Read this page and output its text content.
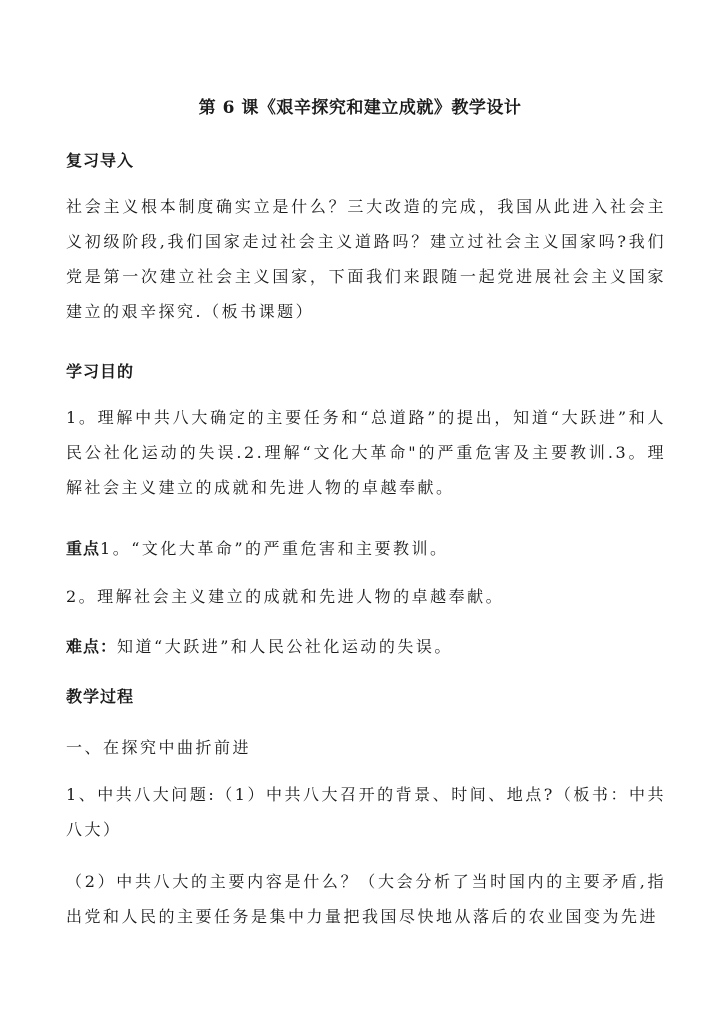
第 6 课《艰辛探究和建立成就》教学设计
复习导入
社会主义根本制度确实立是什么？三大改造的完成，我国从此进入社会主义初级阶段,我们国家走过社会主义道路吗？建立过社会主义国家吗?我们党是第一次建立社会主义国家，下面我们来跟随一起党进展社会主义国家建立的艰辛探究.（板书课题）
学习目的
1。理解中共八大确定的主要任务和“总道路”的提出，知道“大跃进”和人民公社化运动的失误.2.理解“文化大革命"的严重危害及主要教训.3。理解社会主义建立的成就和先进人物的卓越奉献。
重点1。“文化大革命”的严重危害和主要教训。
2。理解社会主义建立的成就和先进人物的卓越奉献。
难点：知道“大跃进”和人民公社化运动的失误。
教学过程
一、在探究中曲折前进
1、中共八大问题:（1）中共八大召开的背景、时间、地点?（板书：中共八大）
（2）中共八大的主要内容是什么？（大会分析了当时国内的主要矛盾,指出党和人民的主要任务是集中力量把我国尽快地从落后的农业国变为先进
